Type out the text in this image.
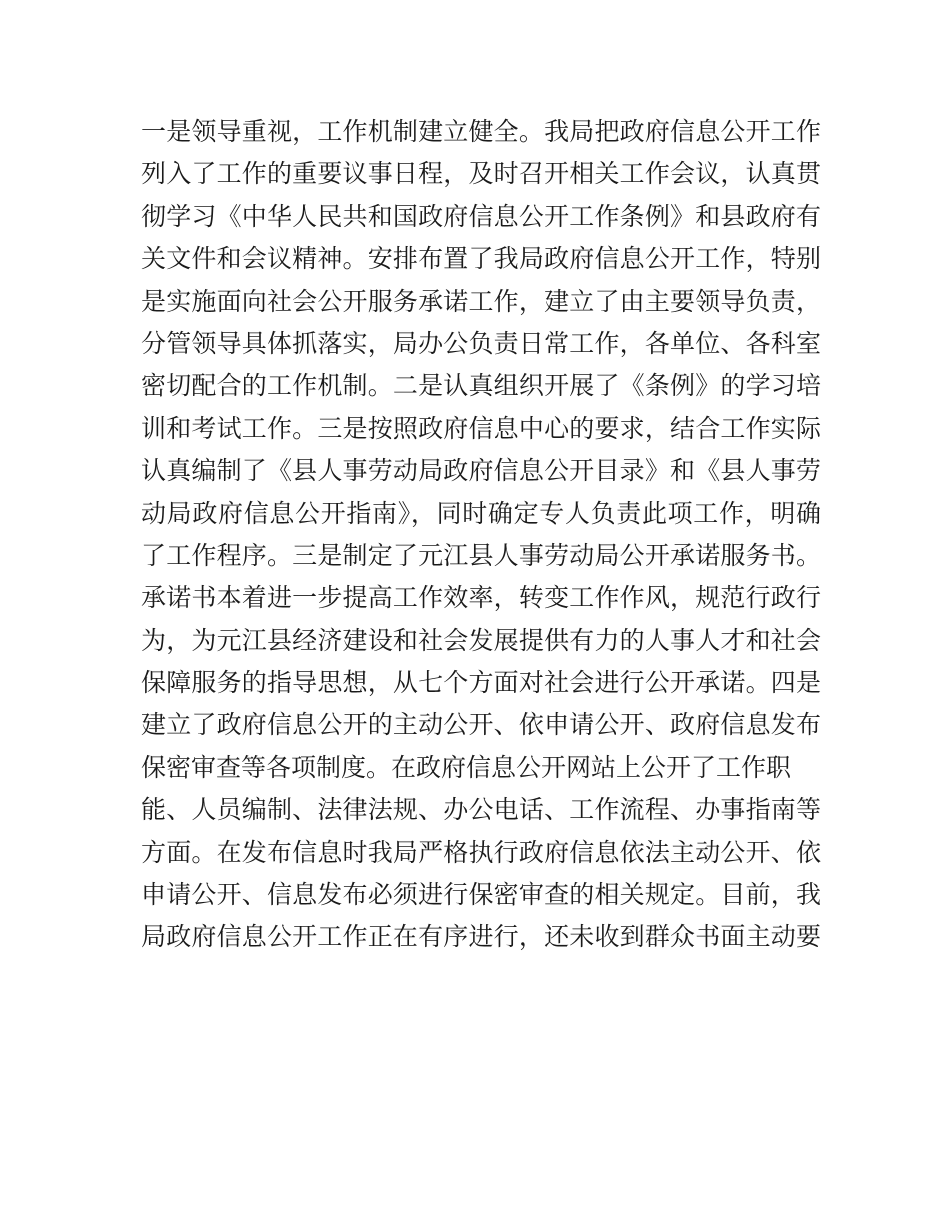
一是领导重视，工作机制建立健全。我局把政府信息公开工作
列入了工作的重要议事日程，及时召开相关工作会议，认真贯
彻学习《中华人民共和国政府信息公开工作条例》和县政府有
关文件和会议精神。安排布置了我局政府信息公开工作，特别
是实施面向社会公开服务承诺工作，建立了由主要领导负责，
分管领导具体抓落实，局办公负责日常工作，各单位、各科室
密切配合的工作机制。二是认真组织开展了《条例》的学习培
训和考试工作。三是按照政府信息中心的要求，结合工作实际
认真编制了《县人事劳动局政府信息公开目录》和《县人事劳
动局政府信息公开指南》，同时确定专人负责此项工作，明确
了工作程序。三是制定了元江县人事劳动局公开承诺服务书。
承诺书本着进一步提高工作效率，转变工作作风，规范行政行
为，为元江县经济建设和社会发展提供有力的人事人才和社会
保障服务的指导思想，从七个方面对社会进行公开承诺。四是
建立了政府信息公开的主动公开、依申请公开、政府信息发布
保密审查等各项制度。在政府信息公开网站上公开了工作职
能、人员编制、法律法规、办公电话、工作流程、办事指南等
方面。在发布信息时我局严格执行政府信息依法主动公开、依
申请公开、信息发布必须进行保密审查的相关规定。目前，我
局政府信息公开工作正在有序进行，还未收到群众书面主动要
